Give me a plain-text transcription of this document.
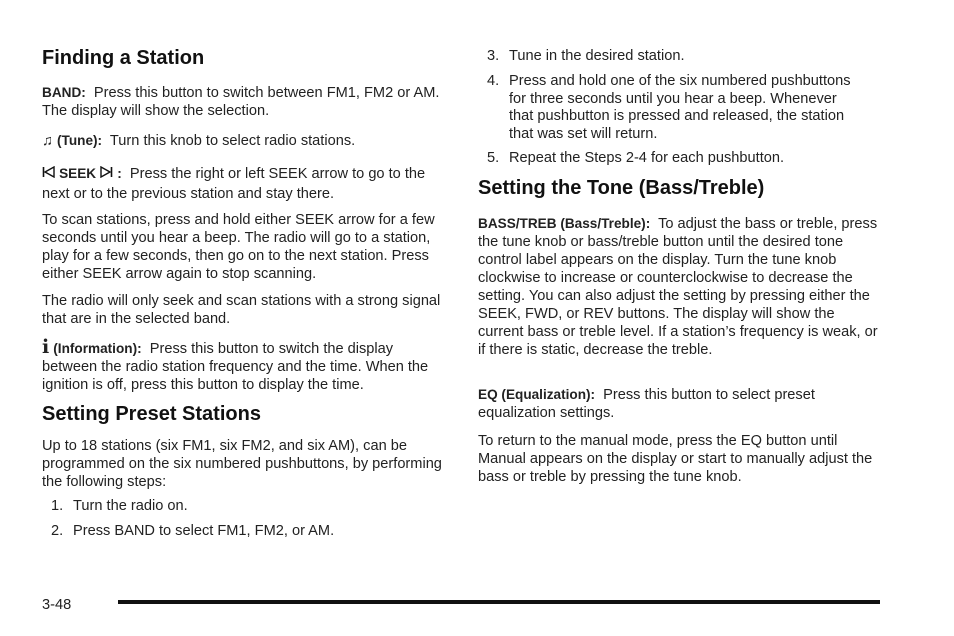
Finding a Station

BAND: Press this button to switch between FM1, FM2 or AM. The display will show the selection.

♫ (Tune): Turn this knob to select radio stations.

SEEK : Press the right or left SEEK arrow to go to the next or to the previous station and stay there.

To scan stations, press and hold either SEEK arrow for a few seconds until you hear a beep. The radio will go to a station, play for a few seconds, then go on to the next station. Press either SEEK arrow again to stop scanning.

The radio will only seek and scan stations with a strong signal that are in the selected band.

i (Information): Press this button to switch the display between the radio station frequency and the time. When the ignition is off, press this button to display the time.

Setting Preset Stations

Up to 18 stations (six FM1, six FM2, and six AM), can be programmed on the six numbered pushbuttons, by performing the following steps:

1. Turn the radio on.
2. Press BAND to select FM1, FM2, or AM.
3. Tune in the desired station.
4. Press and hold one of the six numbered pushbuttons for three seconds until you hear a beep. Whenever that pushbutton is pressed and released, the station that was set will return.
5. Repeat the Steps 2-4 for each pushbutton.
Setting the Tone (Bass/Treble)

BASS/TREB (Bass/Treble): To adjust the bass or treble, press the tune knob or bass/treble button until the desired tone control label appears on the display. Turn the tune knob clockwise to increase or counterclockwise to decrease the setting. You can also adjust the setting by pressing either the SEEK, FWD, or REV buttons. The display will show the current bass or treble level. If a station’s frequency is weak, or if there is static, decrease the treble.

EQ (Equalization): Press this button to select preset equalization settings.

To return to the manual mode, press the EQ button until Manual appears on the display or start to manually adjust the bass or treble by pressing the tune knob.

3-48
